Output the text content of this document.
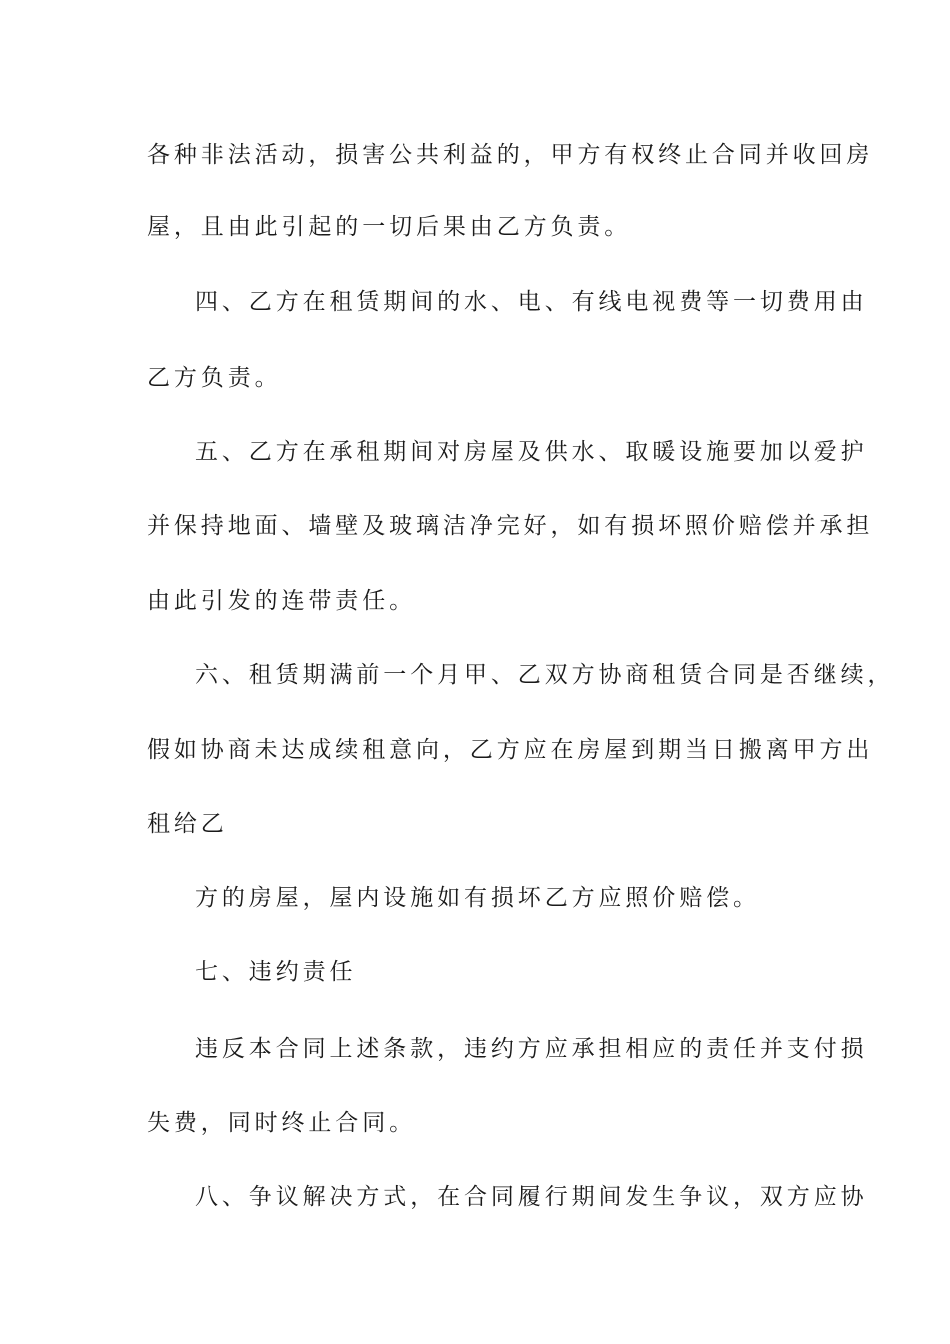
各种非法活动，损害公共利益的，甲方有权终止合同并收回房

屋，且由此引起的一切后果由乙方负责。

四、乙方在租赁期间的水、电、有线电视费等一切费用由

乙方负责。

五、乙方在承租期间对房屋及供水、取暖设施要加以爱护

并保持地面、墙壁及玻璃洁净完好，如有损坏照价赔偿并承担

由此引发的连带责任。

六、租赁期满前一个月甲、乙双方协商租赁合同是否继续，

假如协商未达成续租意向，乙方应在房屋到期当日搬离甲方出

租给乙

方的房屋，屋内设施如有损坏乙方应照价赔偿。

七、违约责任

违反本合同上述条款，违约方应承担相应的责任并支付损

失费，同时终止合同。

八、争议解决方式，在合同履行期间发生争议，双方应协
